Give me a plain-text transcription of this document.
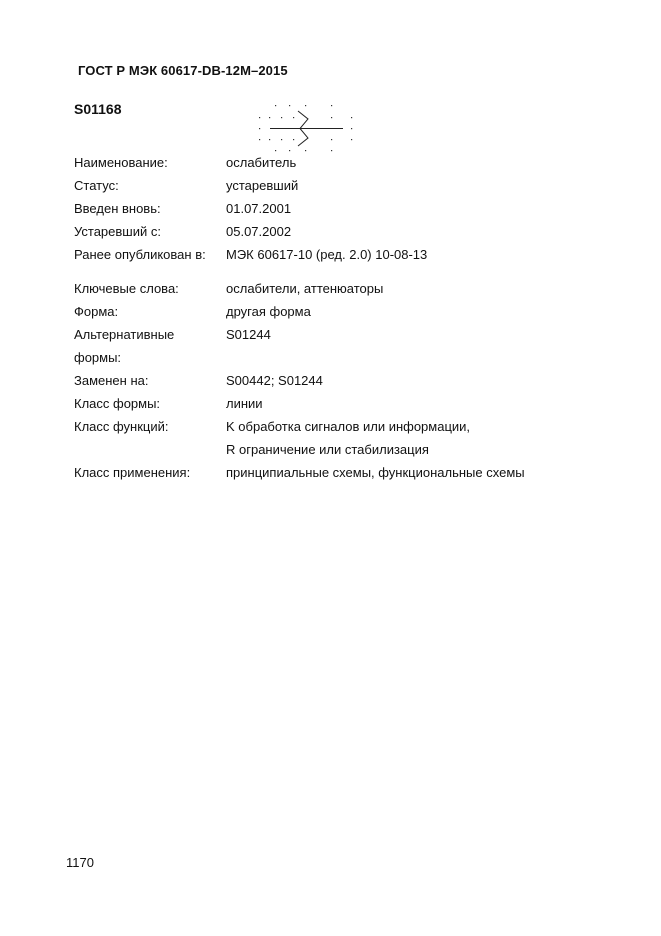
ГОСТ Р МЭК 60617-DB-12M–2015
S01168
Наименование:	ослабитель
Статус:	устаревший
Введен вновь:	01.07.2001
Устаревший с:	05.07.2002
Ранее опубликован в:	МЭК 60617-10 (ред. 2.0) 10-08-13
Ключевые слова:	ослабители, аттенюаторы
Форма:	другая форма
Альтернативные
формы:
S01244
Заменен на:	S00442; S01244
Класс формы:	линии
Класс функций:	K обработка сигналов или информации,
R ограничение или стабилизация
Класс применения:	принципиальные схемы, функциональные схемы
1170
